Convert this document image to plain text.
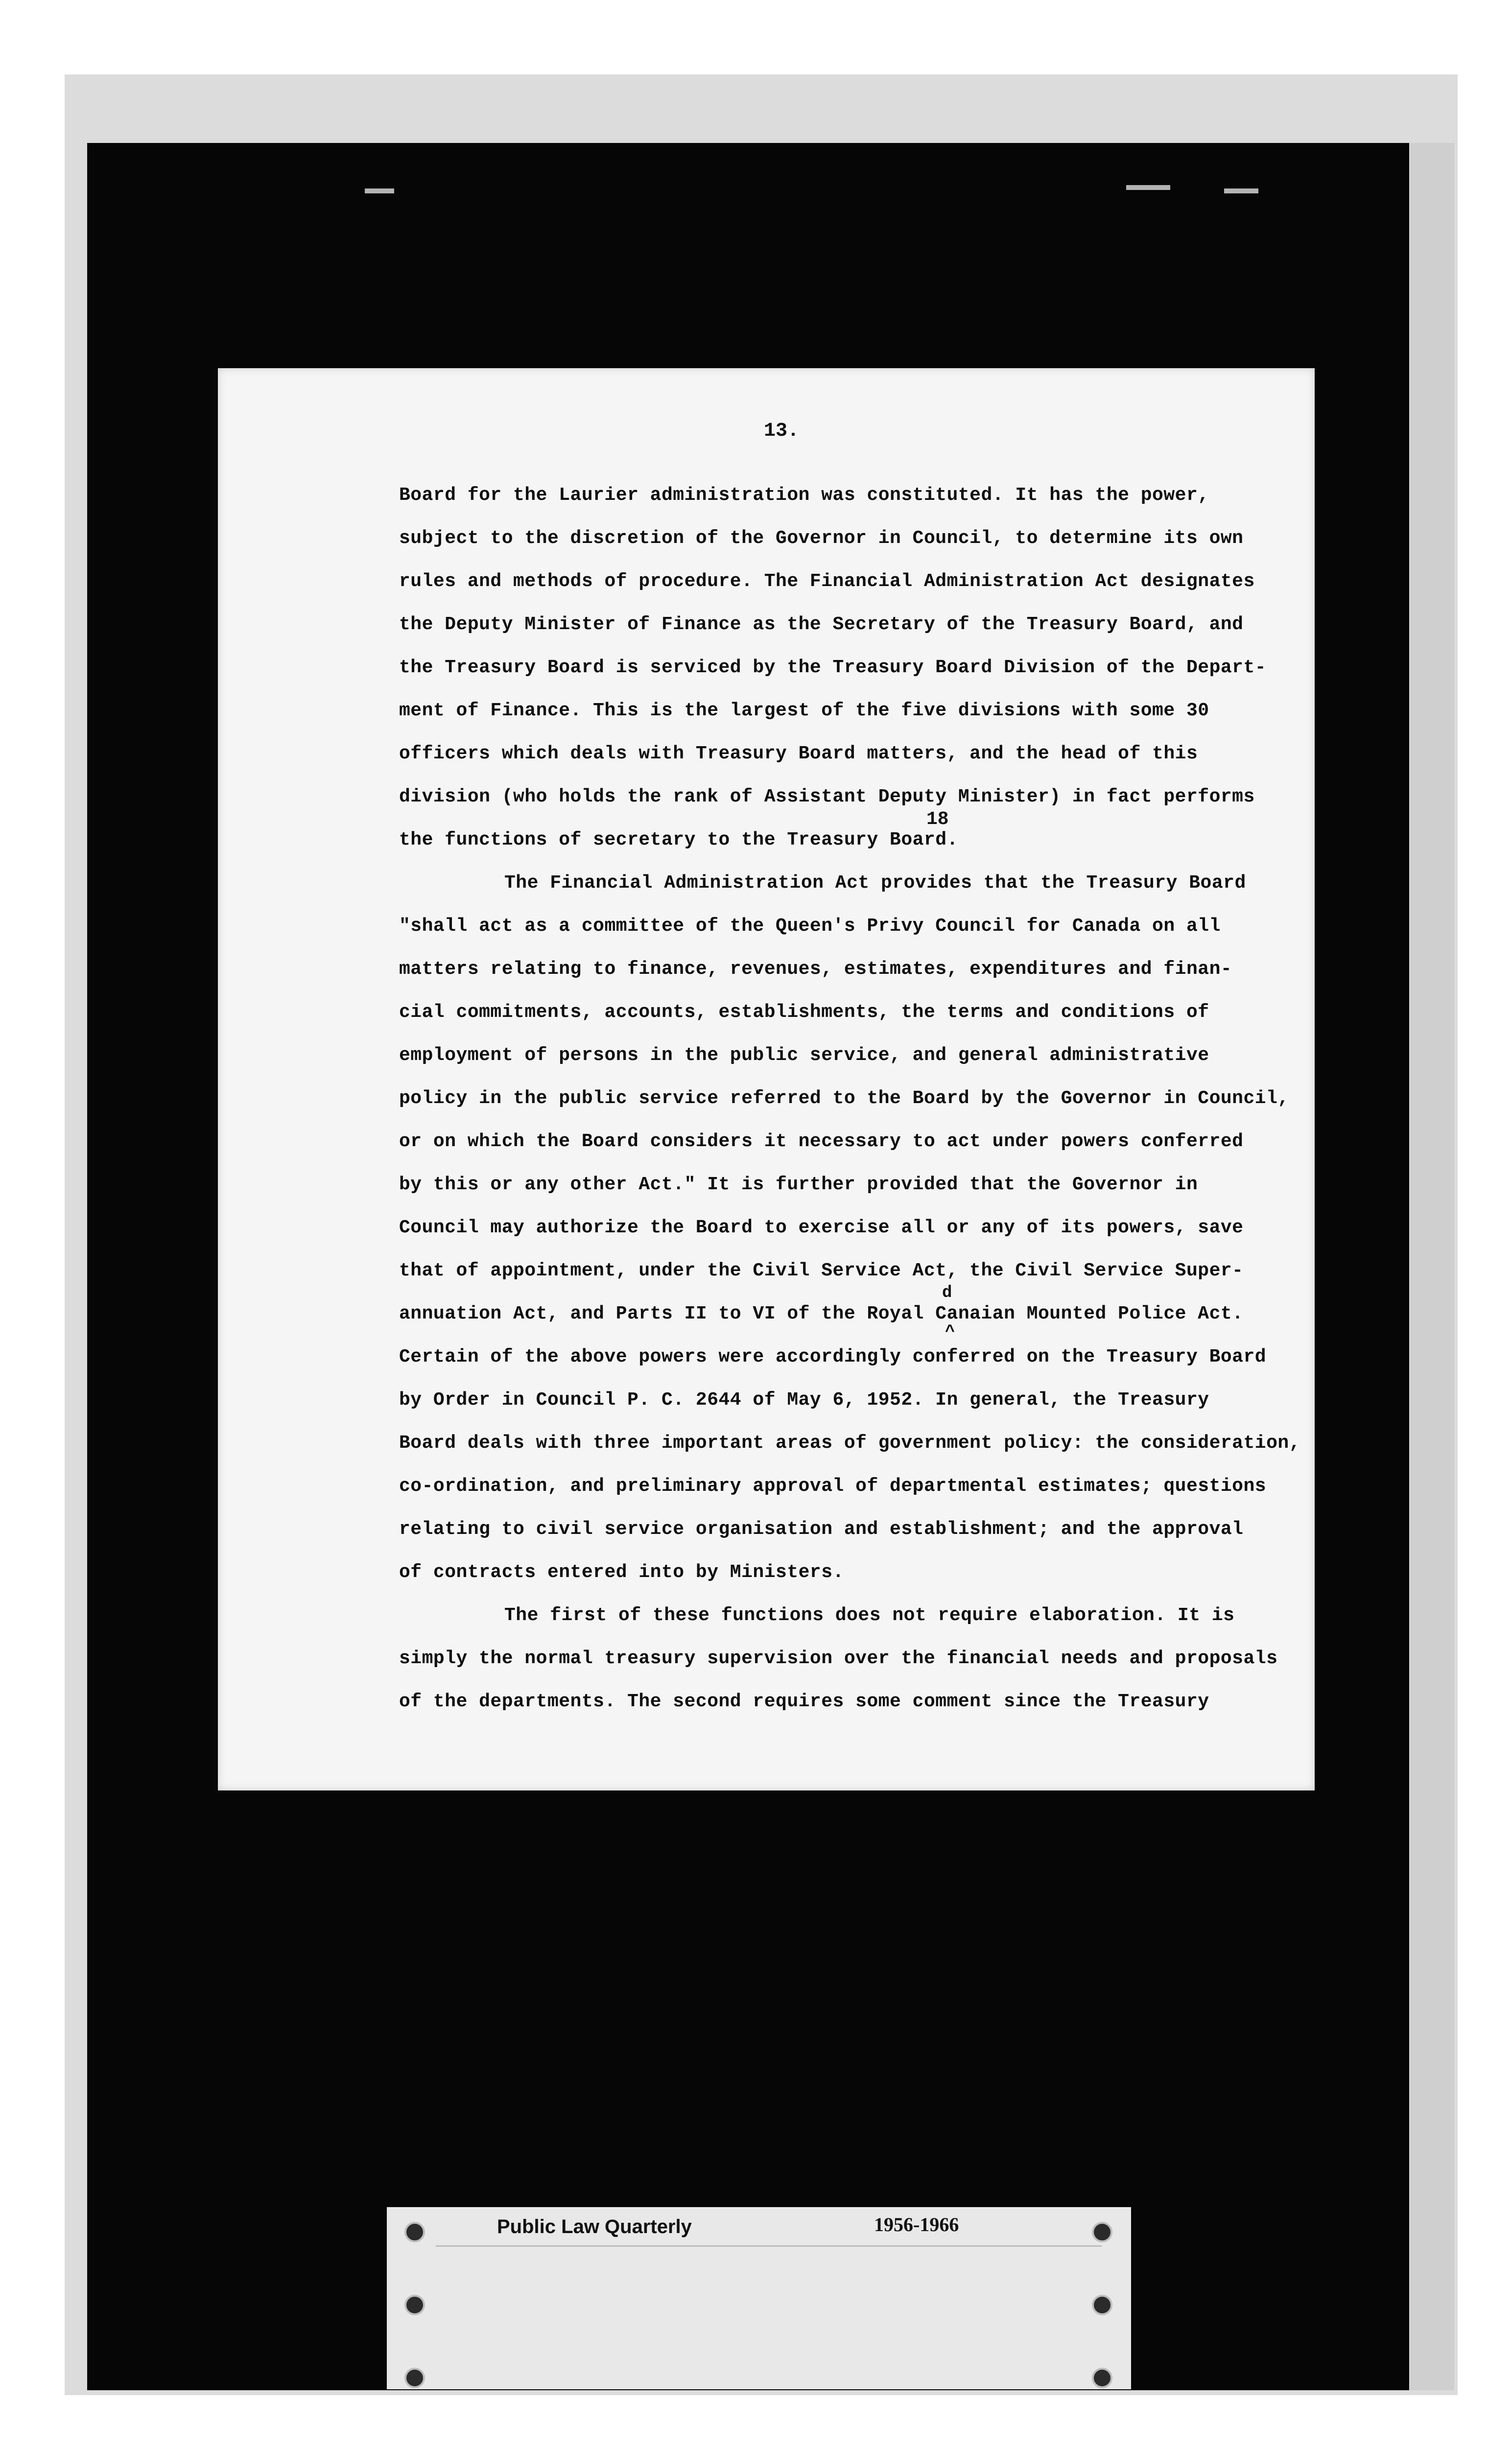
13.
Board for the Laurier administration was constituted. It has the power,
subject to the discretion of the Governor in Council, to determine its own
rules and methods of procedure. The Financial Administration Act designates
the Deputy Minister of Finance as the Secretary of the Treasury Board, and
the Treasury Board is serviced by the Treasury Board Division of the Depart-
ment of Finance. This is the largest of the five divisions with some 30
officers which deals with Treasury Board matters, and the head of this
division (who holds the rank of Assistant Deputy Minister) in fact performs
the functions of secretary to the Treasury Board.
18
The Financial Administration Act provides that the Treasury Board
"shall act as a committee of the Queen's Privy Council for Canada on all
matters relating to finance, revenues, estimates, expenditures and finan-
cial commitments, accounts, establishments, the terms and conditions of
employment of persons in the public service, and general administrative
policy in the public service referred to the Board by the Governor in Council,
or on which the Board considers it necessary to act under powers conferred
by this or any other Act." It is further provided that the Governor in
Council may authorize the Board to exercise all or any of its powers, save
that of appointment, under the Civil Service Act, the Civil Service Super-
annuation Act, and Parts II to VI of the Royal Canaian Mounted Police Act.
d
^
Certain of the above powers were accordingly conferred on the Treasury Board
by Order in Council P. C. 2644 of May 6, 1952. In general, the Treasury
Board deals with three important areas of government policy: the consideration,
co-ordination, and preliminary approval of departmental estimates; questions
relating to civil service organisation and establishment; and the approval
of contracts entered into by Ministers.
The first of these functions does not require elaboration. It is
simply the normal treasury supervision over the financial needs and proposals
of the departments. The second requires some comment since the Treasury
Public Law Quarterly	1956-1966
